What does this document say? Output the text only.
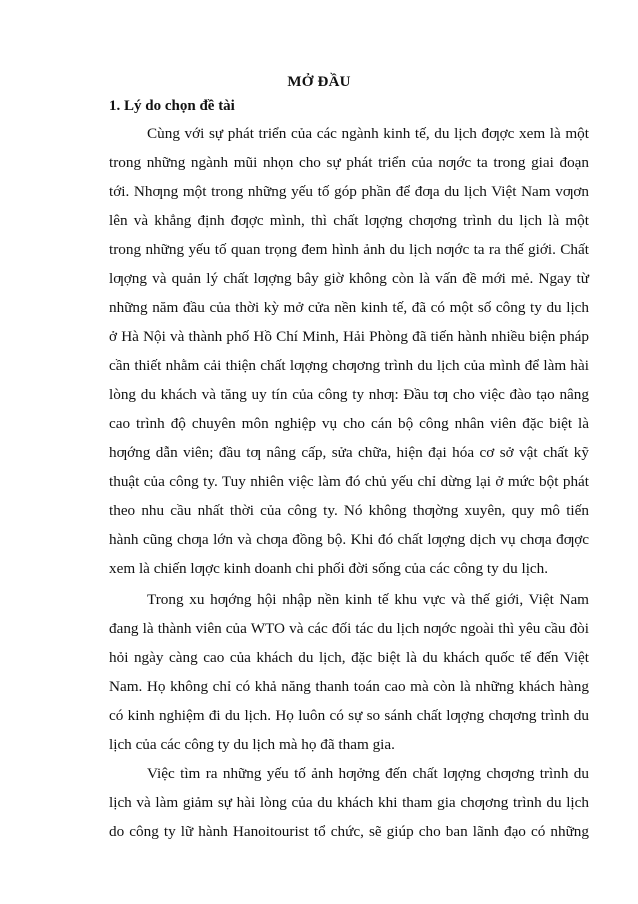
MỞ ĐẦU
1. Lý do chọn đề tài
Cùng với sự phát triển của các ngành kinh tế, du lịch đƣợc xem là một
trong những ngành mũi nhọn cho sự phát triển của nƣớc ta trong giai đoạn
tới. Nhƣng một trong những yếu tố góp phần để đƣa du lịch Việt Nam vƣơn
lên và khẳng định đƣợc mình, thì chất lƣợng chƣơng trình du lịch là một
trong những yếu tố quan trọng đem hình ảnh du lịch nƣớc ta ra thế giới. Chất
lƣợng và quản lý chất lƣợng bây giờ không còn là vấn đề mới mẻ. Ngay từ
những năm đầu của thời kỳ mở cửa nền kinh tế, đã có một số công ty du lịch
ở Hà Nội và thành phố Hồ Chí Minh, Hải Phòng đã tiến hành nhiều biện pháp
cần thiết nhằm cải thiện chất lƣợng chƣơng trình du lịch của mình để làm hài
lòng du khách và tăng uy tín của công ty nhƣ: Đầu tƣ cho việc đào tạo nâng
cao trình độ chuyên môn nghiệp vụ cho cán bộ công nhân viên đặc biệt là
hƣớng dẫn viên; đầu tƣ nâng cấp, sửa chữa, hiện đại hóa cơ sở vật chất kỹ
thuật của công ty. Tuy nhiên việc làm đó chủ yếu chỉ dừng lại ở mức bột phát
theo nhu cầu nhất thời của công ty. Nó không thƣờng xuyên, quy mô tiến
hành cũng chƣa lớn và chƣa đồng bộ. Khi đó chất lƣợng dịch vụ chƣa đƣợc
xem là chiến lƣợc kinh doanh chi phối đời sống của các công ty du lịch.
Trong xu hƣớng hội nhập nền kinh tế khu vực và thế giới, Việt Nam
đang là thành viên của WTO và các đối tác du lịch nƣớc ngoài thì yêu cầu đòi
hỏi ngày càng cao của khách du lịch, đặc biệt là du khách quốc tế đến Việt
Nam. Họ không chỉ có khả năng thanh toán cao mà còn là những khách hàng
có kinh nghiệm đi du lịch. Họ luôn có sự so sánh chất lƣợng chƣơng trình du
lịch của các công ty du lịch mà họ đã tham gia.
Việc tìm ra những yếu tố ảnh hƣởng đến chất lƣợng chƣơng trình du
lịch và làm giảm sự hài lòng của du khách khi tham gia chƣơng trình du lịch
do công ty lữ hành Hanoitourist tổ chức, sẽ giúp cho ban lãnh đạo có những
